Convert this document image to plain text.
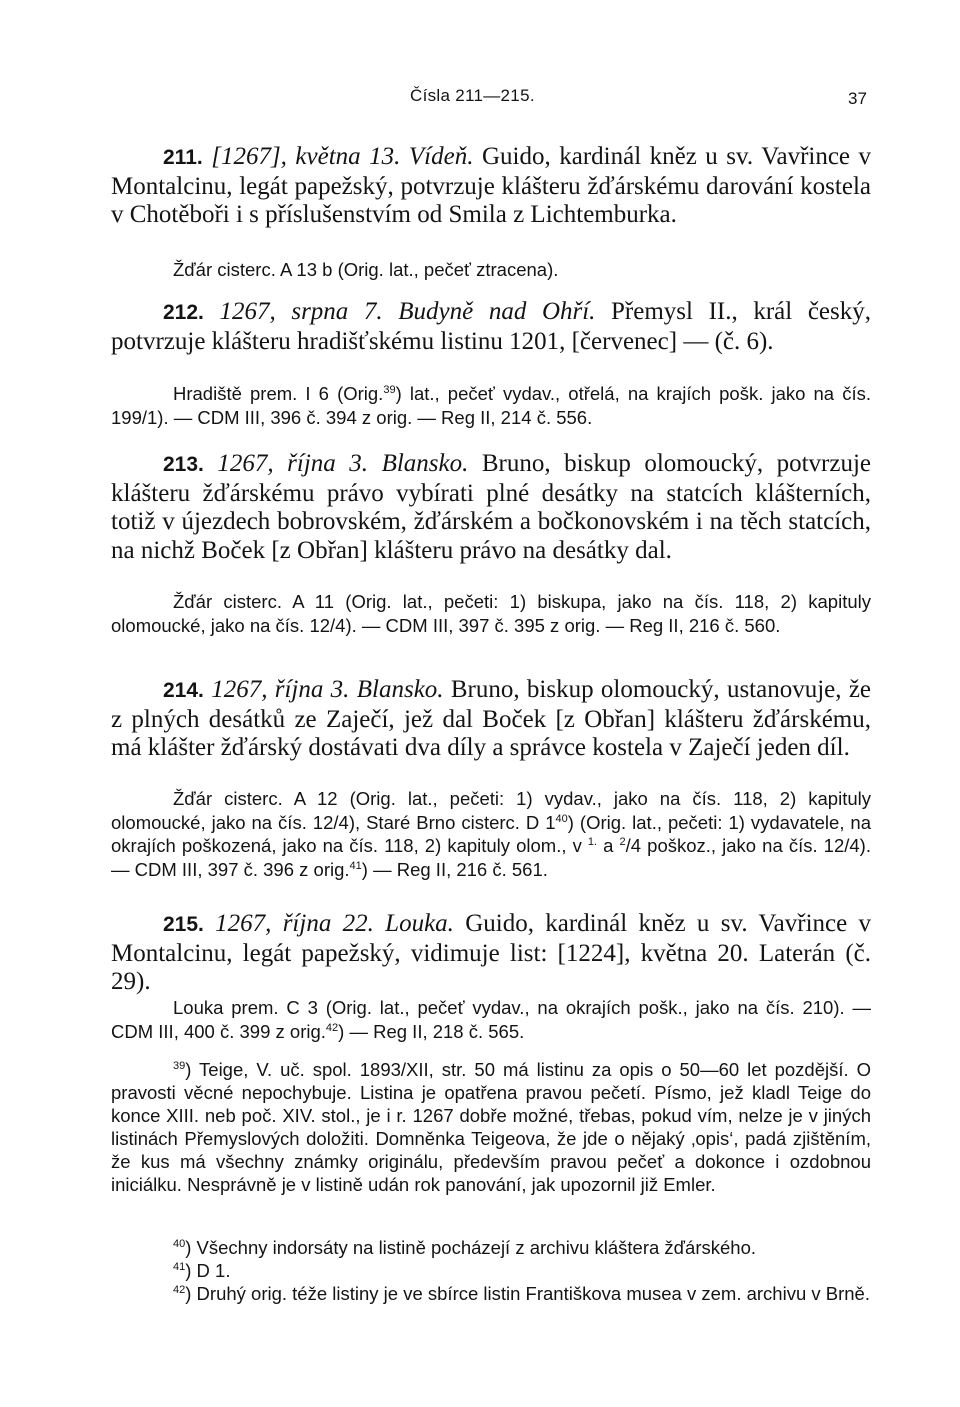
Čísla 211—215.	37

211. [1267], května 13. Vídeň. Guido, kardinál kněz u sv. Vavřince v Montalcinu, legát papežský, potvrzuje klášteru žďárskému darování kostela v Chotěboři i s příslušenstvím od Smila z Lichtemburka.

Žďár cisterc. A 13 b (Orig. lat., pečeť ztracena).

212. 1267, srpna 7. Budyně nad Ohří. Přemysl II., král český, potvrzuje klášteru hradišťskému listinu 1201, [červenec] — (č. 6).

Hradiště prem. I 6 (Orig.$^{39}$) lat., pečeť vydav., otřelá, na krajích pošk. jako na čís. 199/1). — CDM III, 396 č. 394 z orig. — Reg II, 214 č. 556.

213. 1267, října 3. Blansko. Bruno, biskup olomoucký, potvrzuje klášteru žďárskému právo vybírati plné desátky na statcích klášterních, totiž v újezdech bobrovském, žďárském a bočkonovském i na těch statcích, na nichž Boček [z Obřan] klášteru právo na desátky dal.

Žďár cisterc. A 11 (Orig. lat., pečeti: 1) biskupa, jako na čís. 118, 2) kapituly olomoucké, jako na čís. 12/4). — CDM III, 397 č. 395 z orig. — Reg II, 216 č. 560.

214. 1267, října 3. Blansko. Bruno, biskup olomoucký, ustanovuje, že z plných desátků ze Zaječí, jež dal Boček [z Obřan] klášteru žďárskému, má klášter žďárský dostávati dva díly a správce kostela v Zaječí jeden díl.

Žďár cisterc. A 12 (Orig. lat., pečeti: 1) vydav., jako na čís. 118, 2) kapituly olomoucké, jako na čís. 12/4), Staré Brno cisterc. D $1^{40}$) (Orig. lat., pečeti: 1) vydavatele, na okrajích poškozená, jako na čís. 118, 2) kapituly olom., v $^{1.}$ a $^2$/4 poškoz., jako na čís. 12/4). — CDM III, 397 č. 396 z orig.$^{41}$) — Reg II, 216 č. 561.

215. 1267, října 22. Louka. Guido, kardinál kněz u sv. Vavřince v Montalcinu, legát papežský, vidimuje list: [1224], května 20. Laterán (č. 29).

Louka prem. C 3 (Orig. lat., pečeť vydav., na okrajích pošk., jako na čís. 210). — CDM III, 400 č. 399 z orig.$^{42}$) — Reg II, 218 č. 565.

$^{39}$) Teige, V. uč. spol. 1893/XII, str. 50 má listinu za opis o 50—60 let pozdější. O pravosti věcné nepochybuje. Listina je opatřena pravou pečetí. Písmo, jež kladl Teige do konce XIII. neb poč. XIV. stol., je i r. 1267 dobře možné, třebas, pokud vím, nelze je v jiných listinách Přemyslových doložiti. Domněnka Teigeova, že jde o nějaký ‚opis‘, padá zjištěním, že kus má všechny známky originálu, především pravou pečeť a dokonce i ozdobnou iniciálku. Nesprávně je v listině udán rok panování, jak upozornil již Emler.

$^{40}$) Všechny indorsáty na listině pocházejí z archivu kláštera žďárského.

$^{41}$) D 1.

$^{42}$) Druhý orig. téže listiny je ve sbírce listin Františkova musea v zem. archivu v Brně.
